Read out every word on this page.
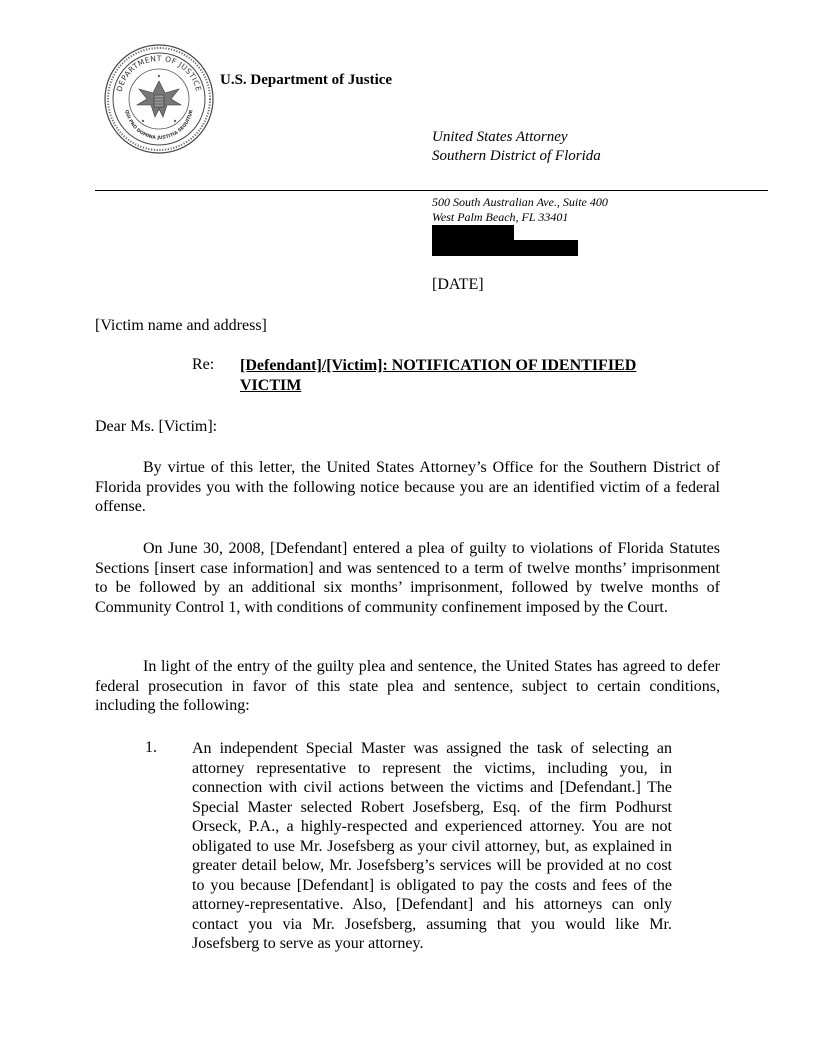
DEPARTMENT OF JUSTICE
QUI PRO DOMINA JUSTITIA SEQUITUR
U.S. Department of Justice
United States Attorney
Southern District of Florida
500 South Australian Ave., Suite 400
West Palm Beach, FL 33401
[DATE]
[Victim name and address]
Re: [Defendant]/[Victim]: NOTIFICATION OF IDENTIFIED VICTIM
Dear Ms. [Victim]:

By virtue of this letter, the United States Attorney’s Office for the Southern District of Florida provides you with the following notice because you are an identified victim of a federal offense.

On June 30, 2008, [Defendant] entered a plea of guilty to violations of Florida Statutes Sections [insert case information] and was sentenced to a term of twelve months’ imprisonment to be followed by an additional six months’ imprisonment, followed by twelve months of Community Control 1, with conditions of community confinement imposed by the Court.

In light of the entry of the guilty plea and sentence, the United States has agreed to defer federal prosecution in favor of this state plea and sentence, subject to certain conditions, including the following:

1. An independent Special Master was assigned the task of selecting an attorney representative to represent the victims, including you, in connection with civil actions between the victims and [Defendant.] The Special Master selected Robert Josefsberg, Esq. of the firm Podhurst Orseck, P.A., a highly-respected and experienced attorney. You are not obligated to use Mr. Josefsberg as your civil attorney, but, as explained in greater detail below, Mr. Josefsberg’s services will be provided at no cost to you because [Defendant] is obligated to pay the costs and fees of the attorney-representative. Also, [Defendant] and his attorneys can only contact you via Mr. Josefsberg, assuming that you would like Mr. Josefsberg to serve as your attorney.
